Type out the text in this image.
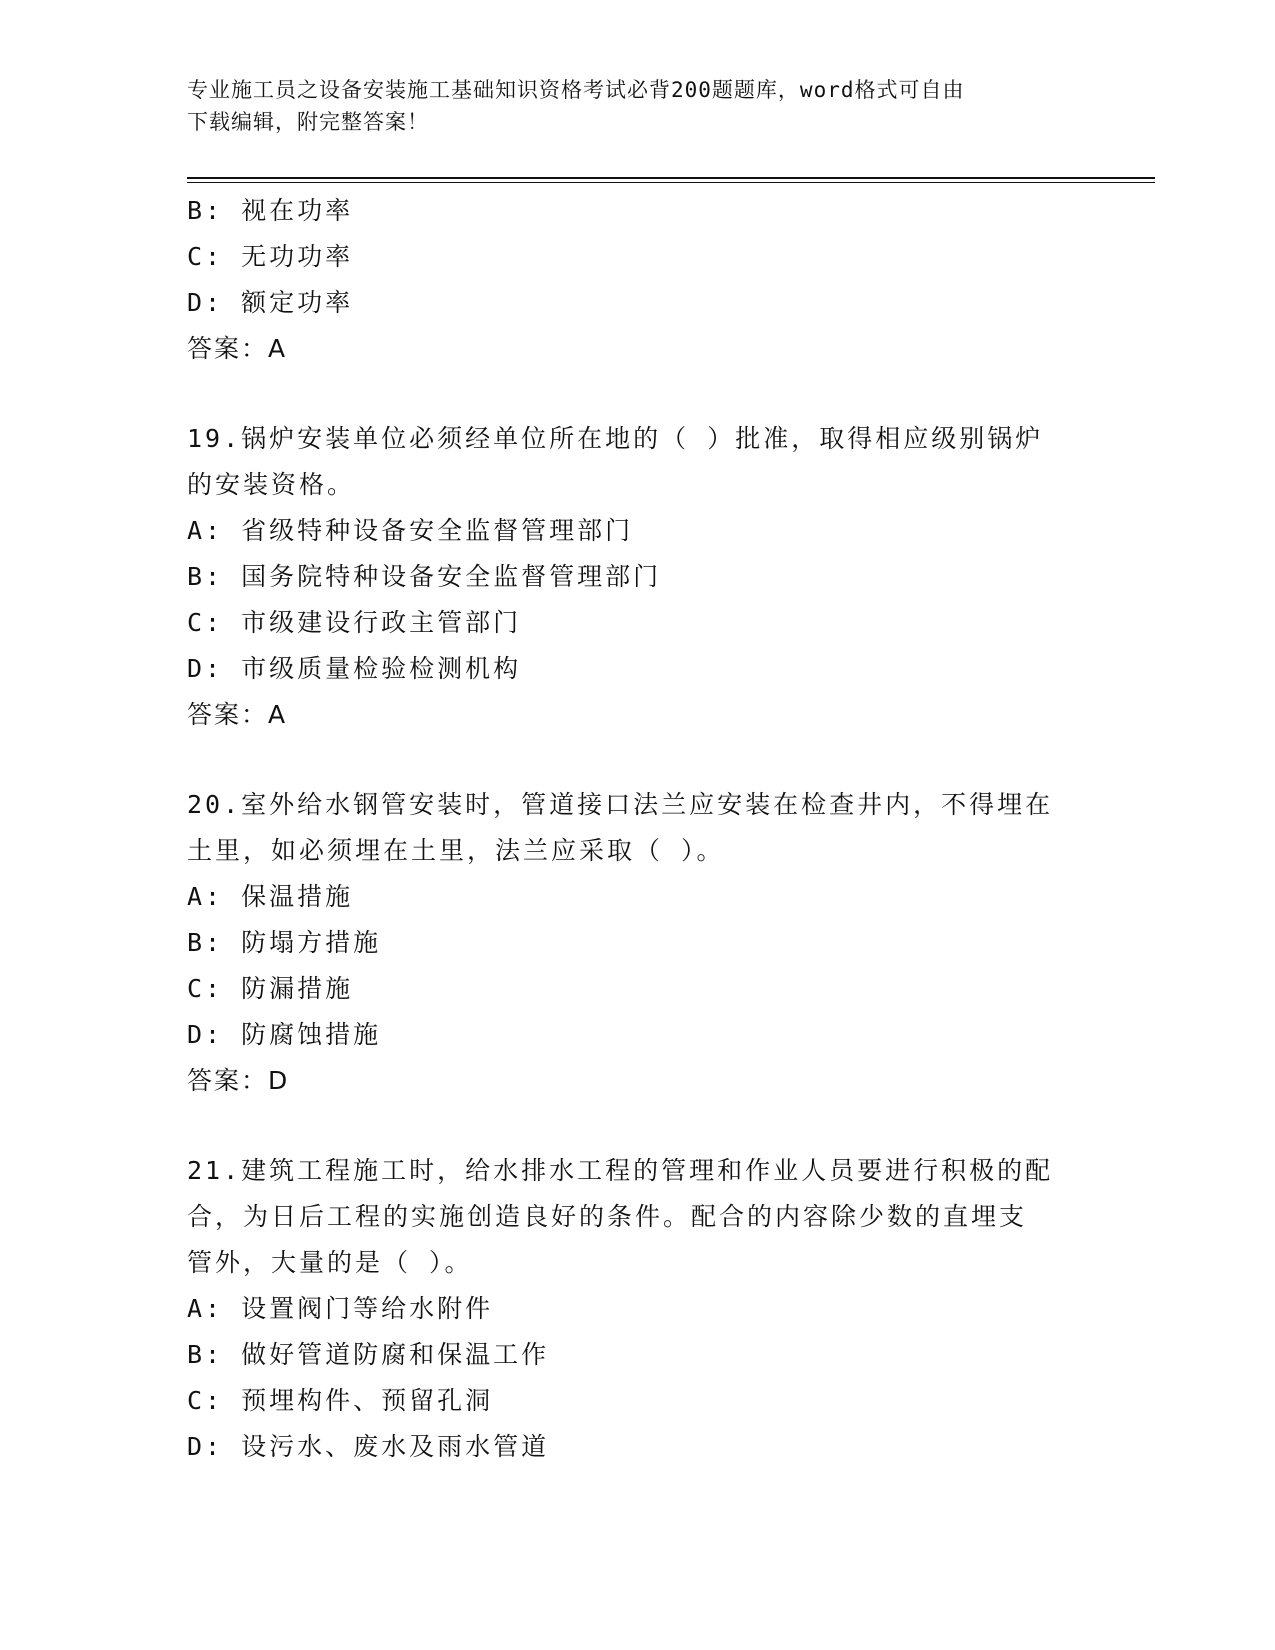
专业施工员之设备安装施工基础知识资格考试必背200题题库，word格式可自由
下载编辑，附完整答案！
B: 视在功率
C: 无功功率
D: 额定功率
答案：A
19.锅炉安装单位必须经单位所在地的（ ）批准，取得相应级别锅炉
的安装资格。
A: 省级特种设备安全监督管理部门
B: 国务院特种设备安全监督管理部门
C: 市级建设行政主管部门
D: 市级质量检验检测机构
答案：A
20.室外给水钢管安装时，管道接口法兰应安装在检查井内，不得埋在
土里，如必须埋在土里，法兰应采取（ ）。
A: 保温措施
B: 防塌方措施
C: 防漏措施
D: 防腐蚀措施
答案：D
21.建筑工程施工时，给水排水工程的管理和作业人员要进行积极的配
合，为日后工程的实施创造良好的条件。配合的内容除少数的直埋支
管外，大量的是（ ）。
A: 设置阀门等给水附件
B: 做好管道防腐和保温工作
C: 预埋构件、预留孔洞
D: 设污水、废水及雨水管道
